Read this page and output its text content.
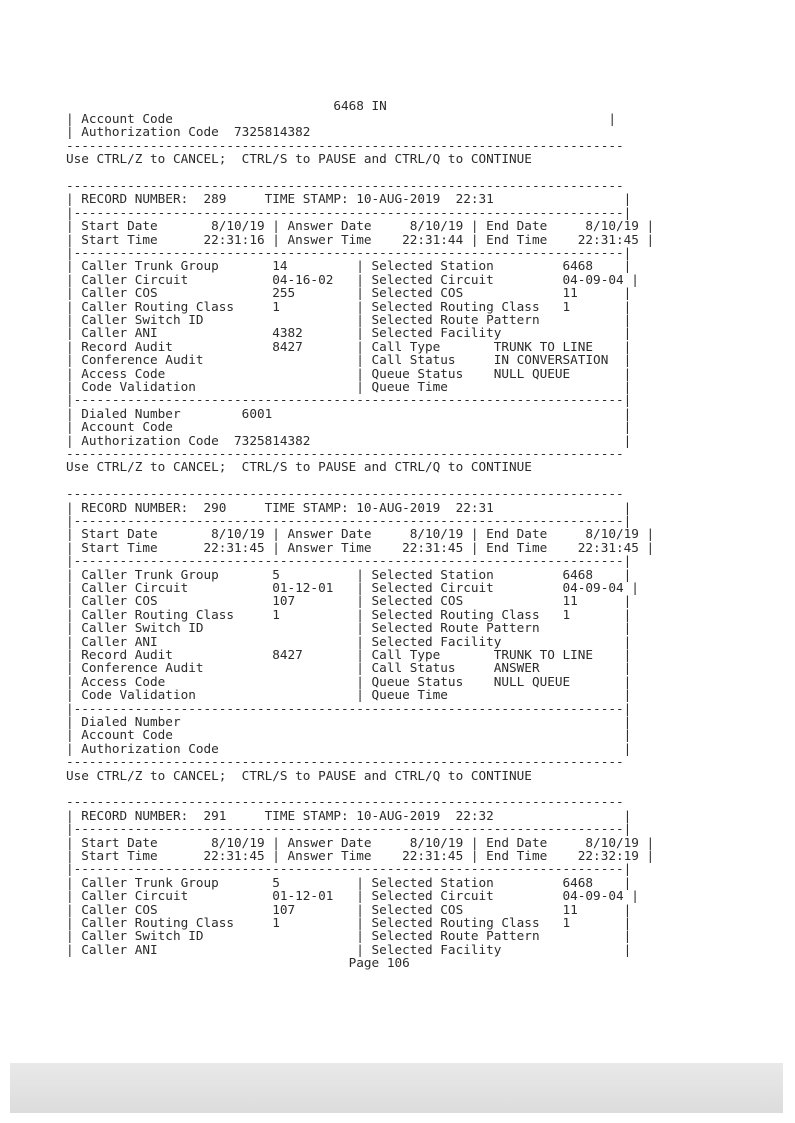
6468 IN
| Account Code                                                         |
| Authorization Code  7325814382
-------------------------------------------------------------------------
Use CTRL/Z to CANCEL;  CTRL/S to PAUSE and CTRL/Q to CONTINUE
-------------------------------------------------------------------------
| RECORD NUMBER:  289     TIME STAMP: 10-AUG-2019  22:31                 |
|------------------------------------------------------------------------|
| Start Date       8/10/19 | Answer Date     8/10/19 | End Date     8/10/19 |
| Start Time      22:31:16 | Answer Time    22:31:44 | End Time    22:31:45 |
|------------------------------------------------------------------------|
| Caller Trunk Group       14         | Selected Station         6468    |
| Caller Circuit           04-16-02   | Selected Circuit         04-09-04 |
| Caller COS               255        | Selected COS             11      |
| Caller Routing Class     1          | Selected Routing Class   1       |
| Caller Switch ID                    | Selected Route Pattern           |
| Caller ANI               4382       | Selected Facility                |
| Record Audit             8427       | Call Type       TRUNK TO LINE    |
| Conference Audit                    | Call Status     IN CONVERSATION  |
| Access Code                         | Queue Status    NULL QUEUE       |
| Code Validation                     | Queue Time                       |
|------------------------------------------------------------------------|
| Dialed Number        6001                                              |
| Account Code                                                           |
| Authorization Code  7325814382                                         |
-------------------------------------------------------------------------
Use CTRL/Z to CANCEL;  CTRL/S to PAUSE and CTRL/Q to CONTINUE
-------------------------------------------------------------------------
| RECORD NUMBER:  290     TIME STAMP: 10-AUG-2019  22:31                 |
|------------------------------------------------------------------------|
| Start Date       8/10/19 | Answer Date     8/10/19 | End Date     8/10/19 |
| Start Time      22:31:45 | Answer Time    22:31:45 | End Time    22:31:45 |
|------------------------------------------------------------------------|
| Caller Trunk Group       5          | Selected Station         6468    |
| Caller Circuit           01-12-01   | Selected Circuit         04-09-04 |
| Caller COS               107        | Selected COS             11      |
| Caller Routing Class     1          | Selected Routing Class   1       |
| Caller Switch ID                    | Selected Route Pattern           |
| Caller ANI                          | Selected Facility                |
| Record Audit             8427       | Call Type       TRUNK TO LINE    |
| Conference Audit                    | Call Status     ANSWER           |
| Access Code                         | Queue Status    NULL QUEUE       |
| Code Validation                     | Queue Time                       |
|------------------------------------------------------------------------|
| Dialed Number                                                          |
| Account Code                                                           |
| Authorization Code                                                     |
-------------------------------------------------------------------------
Use CTRL/Z to CANCEL;  CTRL/S to PAUSE and CTRL/Q to CONTINUE
-------------------------------------------------------------------------
| RECORD NUMBER:  291     TIME STAMP: 10-AUG-2019  22:32                 |
|------------------------------------------------------------------------|
| Start Date       8/10/19 | Answer Date     8/10/19 | End Date     8/10/19 |
| Start Time      22:31:45 | Answer Time    22:31:45 | End Time    22:32:19 |
|------------------------------------------------------------------------|
| Caller Trunk Group       5          | Selected Station         6468    |
| Caller Circuit           01-12-01   | Selected Circuit         04-09-04 |
| Caller COS               107        | Selected COS             11      |
| Caller Routing Class     1          | Selected Routing Class   1       |
| Caller Switch ID                    | Selected Route Pattern           |
| Caller ANI                          | Selected Facility                |
Page 106
